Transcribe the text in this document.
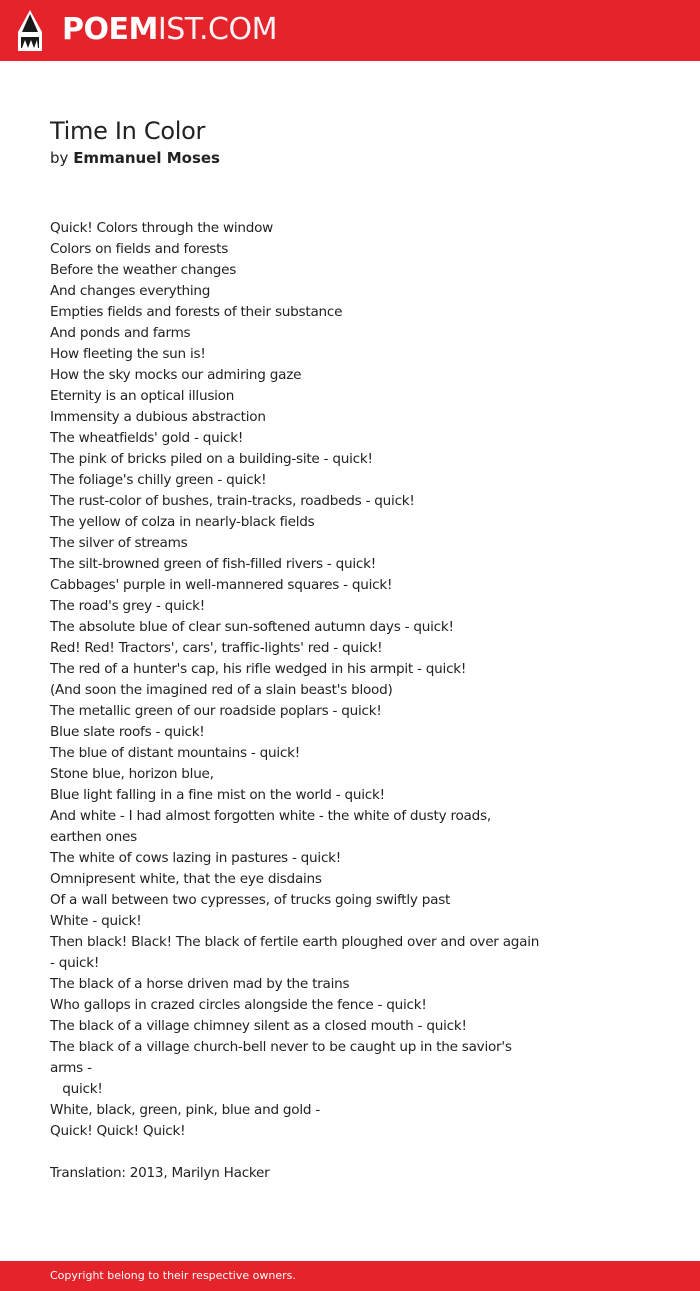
POEMIST.COM
Time In Color
by Emmanuel Moses
Quick! Colors through the window
Colors on fields and forests
Before the weather changes
And changes everything
Empties fields and forests of their substance
And ponds and farms
How fleeting the sun is!
How the sky mocks our admiring gaze
Eternity is an optical illusion
Immensity a dubious abstraction
The wheatfields' gold - quick!
The pink of bricks piled on a building-site - quick!
The foliage's chilly green - quick!
The rust-color of bushes, train-tracks, roadbeds - quick!
The yellow of colza in nearly-black fields
The silver of streams
The silt-browned green of fish-filled rivers - quick!
Cabbages' purple in well-mannered squares - quick!
The road's grey - quick!
The absolute blue of clear sun-softened autumn days - quick!
Red! Red! Tractors', cars', traffic-lights' red - quick!
The red of a hunter's cap, his rifle wedged in his armpit - quick!
(And soon the imagined red of a slain beast's blood)
The metallic green of our roadside poplars - quick!
Blue slate roofs - quick!
The blue of distant mountains - quick!
Stone blue, horizon blue,
Blue light falling in a fine mist on the world - quick!
And white - I had almost forgotten white - the white of dusty roads,
earthen ones
The white of cows lazing in pastures - quick!
Omnipresent white, that the eye disdains
Of a wall between two cypresses, of trucks going swiftly past
White - quick!
Then black! Black! The black of fertile earth ploughed over and over again
- quick!
The black of a horse driven mad by the trains
Who gallops in crazed circles alongside the fence - quick!
The black of a village chimney silent as a closed mouth - quick!
The black of a village church-bell never to be caught up in the savior's
arms -
quick!
White, black, green, pink, blue and gold -
Quick! Quick! Quick!
Translation: 2013, Marilyn Hacker
Copyright belong to their respective owners.
